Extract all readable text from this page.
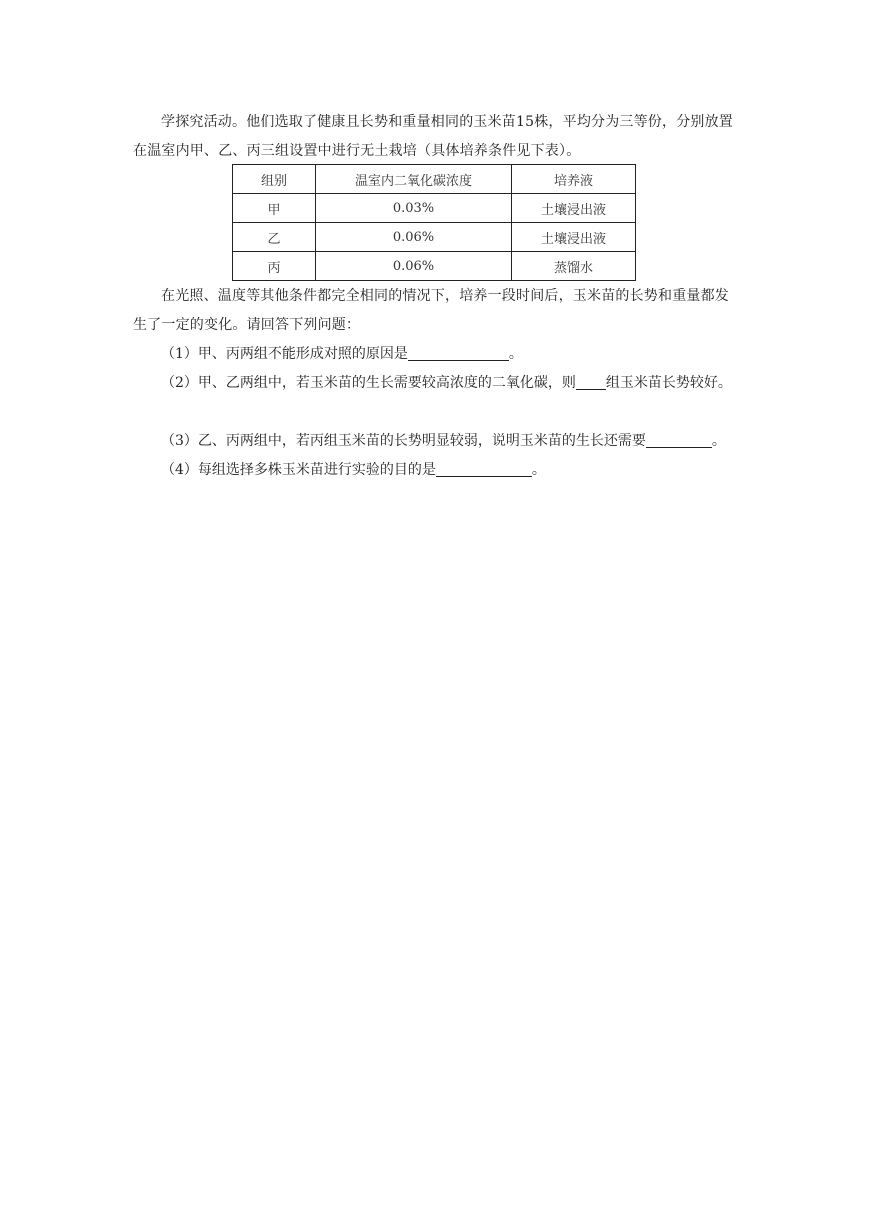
学探究活动。他们选取了健康且长势和重量相同的玉米苗15株，平均分为三等份，分别放置在温室内甲、乙、丙三组设置中进行无土栽培（具体培养条件见下表）。
组别	温室内二氧化碳浓度	培养液
甲	0.03%	土壤浸出液
乙	0.06%	土壤浸出液
丙	0.06%	蒸馏水
在光照、温度等其他条件都完全相同的情况下，培养一段时间后，玉米苗的长势和重量都发生了一定的变化。请回答下列问题：
（1）甲、丙两组不能形成对照的原因是	。
（2）甲、乙两组中，若玉米苗的生长需要较高浓度的二氧化碳，则 组玉米苗长势较好。
（3）乙、丙两组中，若丙组玉米苗的长势明显较弱，说明玉米苗的生长还需要	。
（4）每组选择多株玉米苗进行实验的目的是	。
